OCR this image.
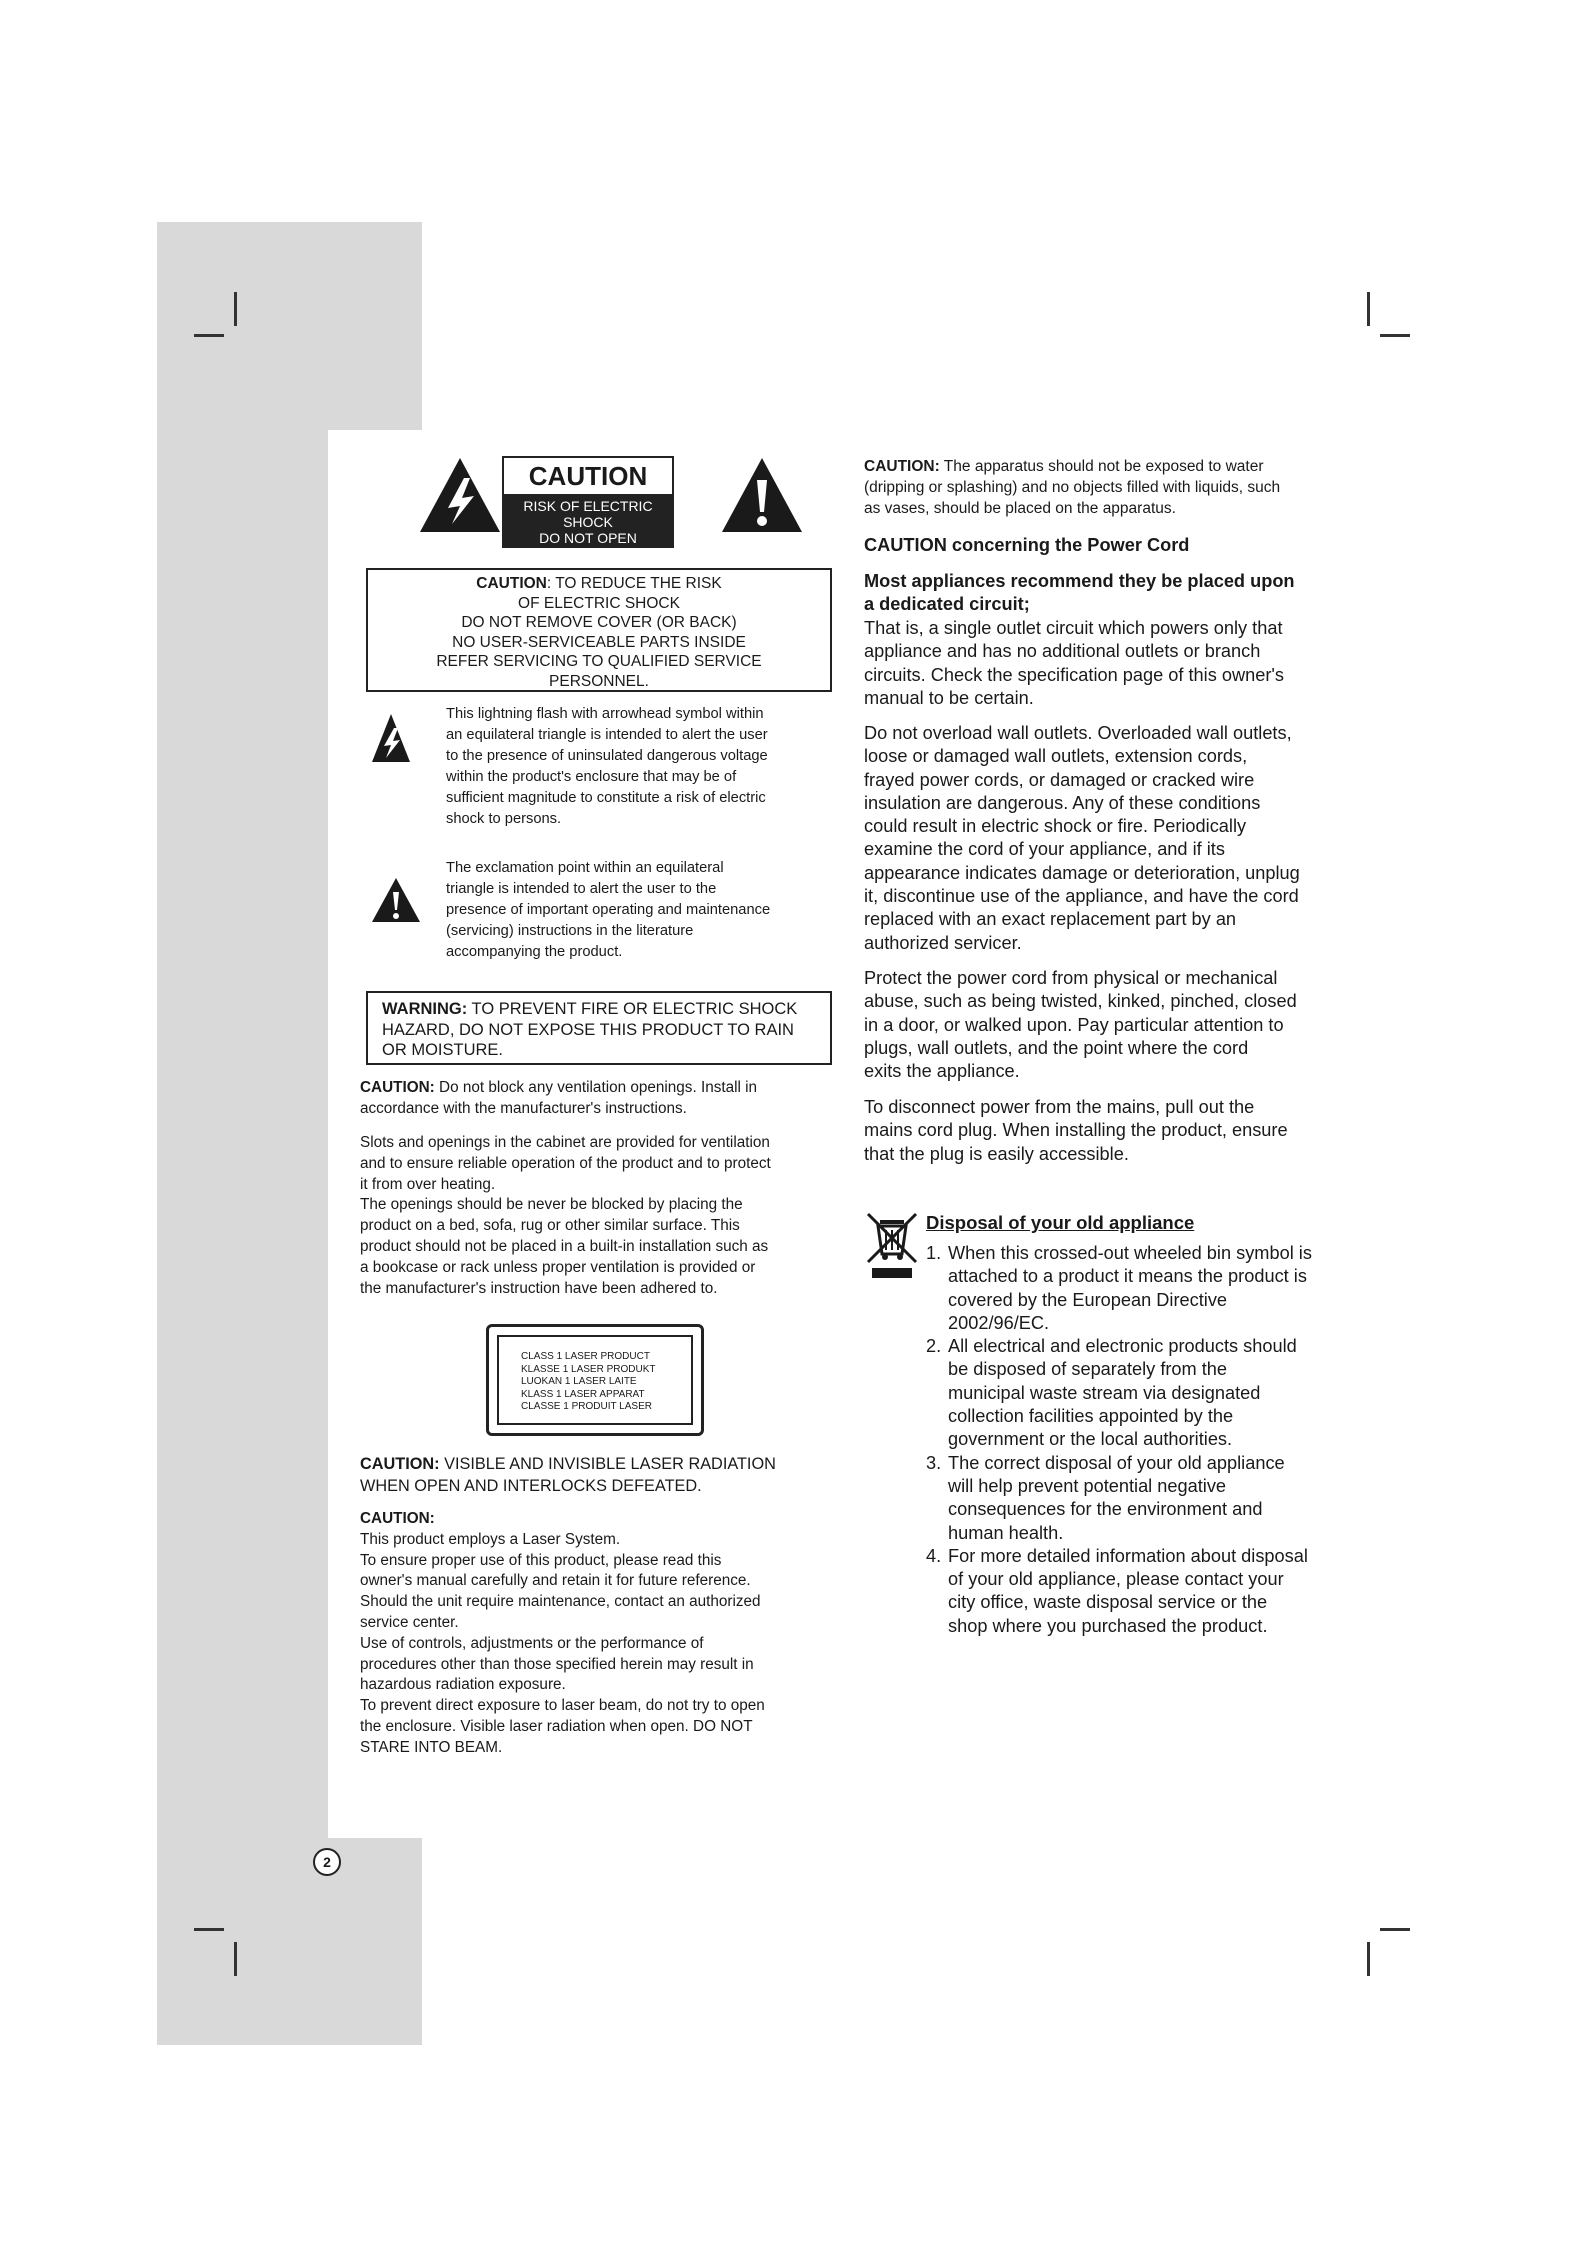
CAUTION
RISK OF ELECTRIC SHOCK
DO NOT OPEN
CAUTION: TO REDUCE THE RISK
OF ELECTRIC SHOCK
DO NOT REMOVE COVER (OR BACK)
NO USER-SERVICEABLE PARTS INSIDE
REFER SERVICING TO QUALIFIED SERVICE
PERSONNEL.
This lightning flash with arrowhead symbol within
an equilateral triangle is intended to alert the user
to the presence of uninsulated dangerous voltage
within the product's enclosure that may be of
sufficient magnitude to constitute a risk of electric
shock to persons.
The exclamation point within an equilateral
triangle is intended to alert the user to the
presence of important operating and maintenance
(servicing) instructions in the literature
accompanying the product.
WARNING: TO PREVENT FIRE OR ELECTRIC SHOCK
HAZARD, DO NOT EXPOSE THIS PRODUCT TO RAIN
OR MOISTURE.
CAUTION: Do not block any ventilation openings. Install in
accordance with the manufacturer's instructions.
Slots and openings in the cabinet are provided for ventilation
and to ensure reliable operation of the product and to protect
it from over heating.
The openings should be never be blocked by placing the
product on a bed, sofa, rug or other similar surface. This
product should not be placed in a built-in installation such as
a bookcase or rack unless proper ventilation is provided or
the manufacturer's instruction have been adhered to.
CLASS 1 LASER PRODUCT
KLASSE 1 LASER PRODUKT
LUOKAN 1 LASER LAITE
KLASS 1 LASER APPARAT
CLASSE 1 PRODUIT LASER
CAUTION: VISIBLE AND INVISIBLE LASER RADIATION
WHEN OPEN AND INTERLOCKS DEFEATED.
CAUTION:
This product employs a Laser System.
To ensure proper use of this product, please read this
owner's manual carefully and retain it for future reference.
Should the unit require maintenance, contact an authorized
service center.
Use of controls, adjustments or the performance of
procedures other than those specified herein may result in
hazardous radiation exposure.
To prevent direct exposure to laser beam, do not try to open
the enclosure. Visible laser radiation when open. DO NOT
STARE INTO BEAM.
CAUTION: The apparatus should not be exposed to water
(dripping or splashing) and no objects filled with liquids, such
as vases, should be placed on the apparatus.
CAUTION concerning the Power Cord
Most appliances recommend they be placed upon
a dedicated circuit;
That is, a single outlet circuit which powers only that
appliance and has no additional outlets or branch
circuits. Check the specification page of this owner's
manual to be certain.
Do not overload wall outlets. Overloaded wall outlets,
loose or damaged wall outlets, extension cords,
frayed power cords, or damaged or cracked wire
insulation are dangerous. Any of these conditions
could result in electric shock or fire. Periodically
examine the cord of your appliance, and if its
appearance indicates damage or deterioration, unplug
it, discontinue use of the appliance, and have the cord
replaced with an exact replacement part by an
authorized servicer.
Protect the power cord from physical or mechanical
abuse, such as being twisted, kinked, pinched, closed
in a door, or walked upon. Pay particular attention to
plugs, wall outlets, and the point where the cord
exits the appliance.
To disconnect power from the mains, pull out the
mains cord plug. When installing the product, ensure
that the plug is easily accessible.
Disposal of your old appliance
1. When this crossed-out wheeled bin symbol is
attached to a product it means the product is
covered by the European Directive
2002/96/EC.
2. All electrical and electronic products should
be disposed of separately from the
municipal waste stream via designated
collection facilities appointed by the
government or the local authorities.
3. The correct disposal of your old appliance
will help prevent potential negative
consequences for the environment and
human health.
4. For more detailed information about disposal
of your old appliance, please contact your
city office, waste disposal service or the
shop where you purchased the product.
2
